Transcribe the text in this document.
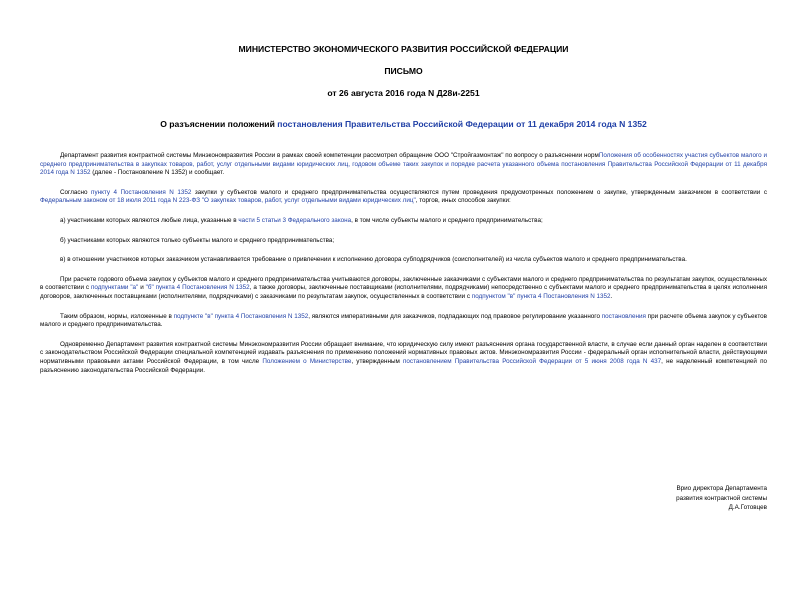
МИНИСТЕРСТВО ЭКОНОМИЧЕСКОГО РАЗВИТИЯ РОССИЙСКОЙ ФЕДЕРАЦИИ
ПИСЬМО
от 26 августа 2016 года N Д28и-2251
О разъяснении положений постановления Правительства Российской Федерации от 11 декабря 2014 года N 1352

Департамент развития контрактной системы Минэкономразвития России в рамках своей компетенции рассмотрел обращение ООО "Стройгазмонтаж" по вопросу о разъяснении нормПоложения об особенностях участия субъектов малого и среднего предпринимательства в закупках товаров, работ, услуг отдельными видами юридических лиц, годовом объеме таких закупок и порядке расчета указанного объема постановления Правительства Российской Федерации от 11 декабря 2014 года N 1352 (далее - Постановление N 1352) и сообщает.

Согласно пункту 4 Постановления N 1352 закупки у субъектов малого и среднего предпринимательства осуществляются путем проведения предусмотренных положением о закупке, утвержденным заказчиком в соответствии с Федеральным законом от 18 июля 2011 года N 223-ФЗ "О закупках товаров, работ, услуг отдельными видами юридических лиц", торгов, иных способов закупки:

а) участниками которых являются любые лица, указанные в части 5 статьи 3 Федерального закона, в том числе субъекты малого и среднего предпринимательства;

б) участниками которых являются только субъекты малого и среднего предпринимательства;

в) в отношении участников которых заказчиком устанавливается требование о привлечении к исполнению договора субподрядчиков (соисполнителей) из числа субъектов малого и среднего предпринимательства.

При расчете годового объема закупок у субъектов малого и среднего предпринимательства учитываются договоры, заключенные заказчиками с субъектами малого и среднего предпринимательства по результатам закупок, осуществленных в соответствии с подпунктами "а" и "б" пункта 4 Постановления N 1352, а также договоры, заключенные поставщиками (исполнителями, подрядчиками) непосредственно с субъектами малого и среднего предпринимательства в целях исполнения договоров, заключенных поставщиками (исполнителями, подрядчиками) с заказчиками по результатам закупок, осуществленных в соответствии с подпунктом "в" пункта 4 Постановления N 1352.

Таким образом, нормы, изложенные в подпункте "в" пункта 4 Постановления N 1352, являются императивными для заказчиков, подпадающих под правовое регулирование указанного постановления при расчете объема закупок у субъектов малого и среднего предпринимательства.

Одновременно Департамент развития контрактной системы Минэкономразвития России обращает внимание, что юридическую силу имеют разъяснения органа государственной власти, в случае если данный орган наделен в соответствии с законодательством Российской Федерации специальной компетенцией издавать разъяснения по применению положений нормативных правовых актов. Минэкономразвития России - федеральный орган исполнительной власти, действующими нормативными правовыми актами Российской Федерации, в том числе Положением о Министерстве, утвержденным постановлением Правительства Российской Федерации от 5 июня 2008 года N 437, не наделенный компетенцией по разъяснению законодательства Российской Федерации.

Врио директора Департамента
развития контрактной системы
Д.А.Готовцев
